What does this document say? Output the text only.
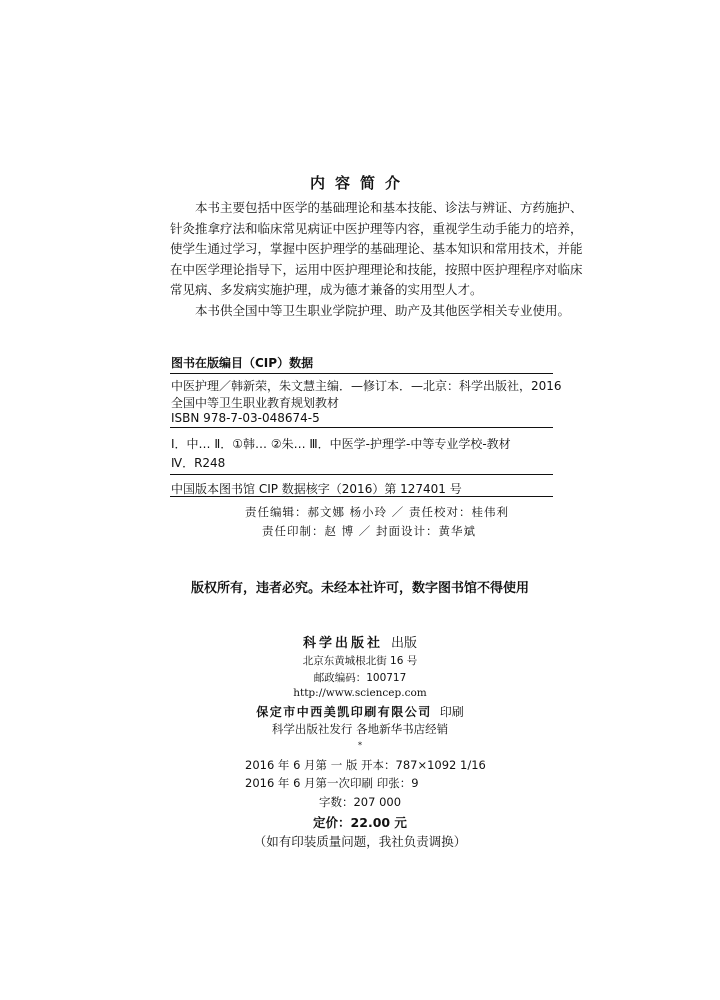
内容简介

本书主要包括中医学的基础理论和基本技能、诊法与辨证、方药施护、

针灸推拿疗法和临床常见病证中医护理等内容，重视学生动手能力的培养，

使学生通过学习，掌握中医护理学的基础理论、基本知识和常用技术，并能

在中医学理论指导下，运用中医护理理论和技能，按照中医护理程序对临床

常见病、多发病实施护理，成为德才兼备的实用型人才。

本书供全国中等卫生职业学院护理、助产及其他医学相关专业使用。

图书在版编目（CIP）数据
中医护理／韩新荣，朱文慧主编．—修订本．—北京：科学出版社，2016
全国中等卫生职业教育规划教材
ISBN 978-7-03-048674-5
Ⅰ．中… Ⅱ．①韩… ②朱… Ⅲ．中医学-护理学-中等专业学校-教材
Ⅳ．R248
中国版本图书馆 CIP 数据核字（2016）第 127401 号
责任编辑：郝文娜 杨小玲 ／ 责任校对：桂伟利
责任印制：赵 博 ／ 封面设计：黄华斌
版权所有，违者必究。未经本社许可，数字图书馆不得使用
科学出版社 出版
北京东黄城根北街 16 号
邮政编码：100717
http://www.sciencep.com
保定市中西美凯印刷有限公司 印刷
科学出版社发行 各地新华书店经销
*
2016 年 6 月第 一 版 开本：787×1092 1/16
2016 年 6 月第一次印刷 印张：9
字数：207 000
定价：22.00 元
（如有印装质量问题，我社负责调换）
